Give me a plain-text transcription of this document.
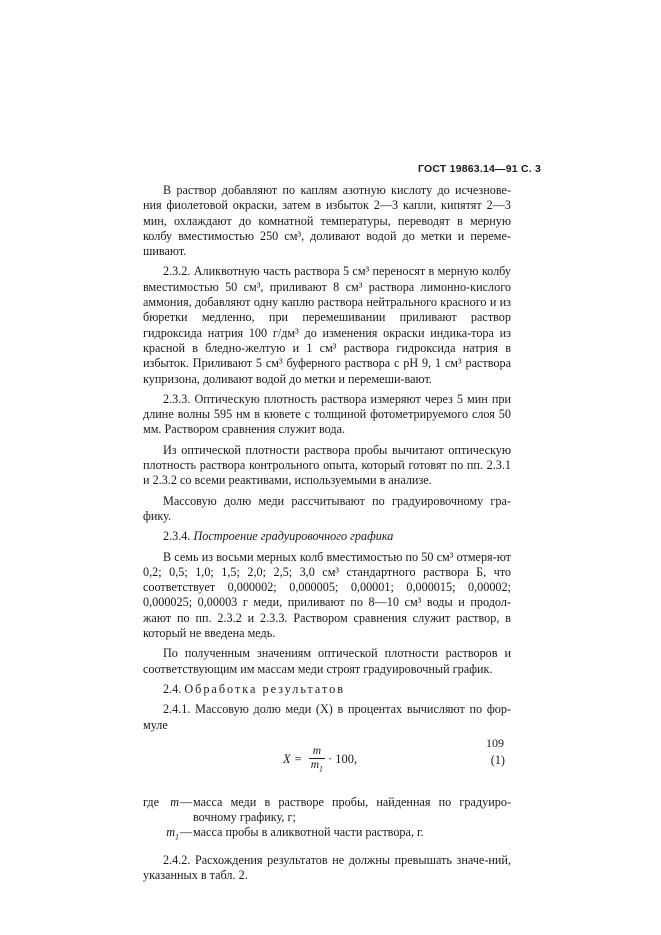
ГОСТ 19863.14—91 С. 3

В раствор добавляют по каплям азотную кислоту до исчезнове-ния фиолетовой окраски, затем в избыток 2—3 капли, кипятят 2—3 мин, охлаждают до комнатной температуры, переводят в мерную колбу вместимостью 250 см³, доливают водой до метки и переме-шивают.

2.3.2. Аликвотную часть раствора 5 см³ переносят в мерную колбу вместимостью 50 см³, приливают 8 см³ раствора лимонно-кислого аммония, добавляют одну каплю раствора нейтрального красного и из бюретки медленно, при перемешивании приливают раствор гидроксида натрия 100 г/дм³ до изменения окраски индика-тора из красной в бледно-желтую и 1 см³ раствора гидроксида натрия в избыток. Приливают 5 см³ буферного раствора с pH 9, 1 см³ раствора купризона, доливают водой до метки и перемеши-вают.

2.3.3. Оптическую плотность раствора измеряют через 5 мин при длине волны 595 нм в кювете с толщиной фотометрируемого слоя 50 мм. Раствором сравнения служит вода.

Из оптической плотности раствора пробы вычитают оптическую плотность раствора контрольного опыта, который готовят по пп. 2.3.1 и 2.3.2 со всеми реактивами, используемыми в анализе.

Массовую долю меди рассчитывают по градуировочному гра-фику.

2.3.4. Построение градуировочного графика

В семь из восьми мерных колб вместимостью по 50 см³ отмеря-ют 0,2; 0,5; 1,0; 1,5; 2,0; 2,5; 3,0 см³ стандартного раствора Б, что соответствует 0,000002; 0,000005; 0,00001; 0,000015; 0,00002; 0,000025; 0,00003 г меди, приливают по 8—10 см³ воды и продол-жают по пп. 2.3.2 и 2.3.3. Раствором сравнения служит раствор, в который не введена медь.

По полученным значениям оптической плотности растворов и соответствующим им массам меди строят градуировочный график.

2.4. Обработка результатов

2.4.1. Массовую долю меди (X) в процентах вычисляют по фор-муле

$X = \frac{m}{m_1} \cdot 100$,	(1)
где m — масса меди в растворе пробы, найденная по градуиро-вочному графику, г;
$m_1$ — масса пробы в аликвотной части раствора, г.

2.4.2. Расхождения результатов не должны превышать значе-ний, указанных в табл. 2.

109
